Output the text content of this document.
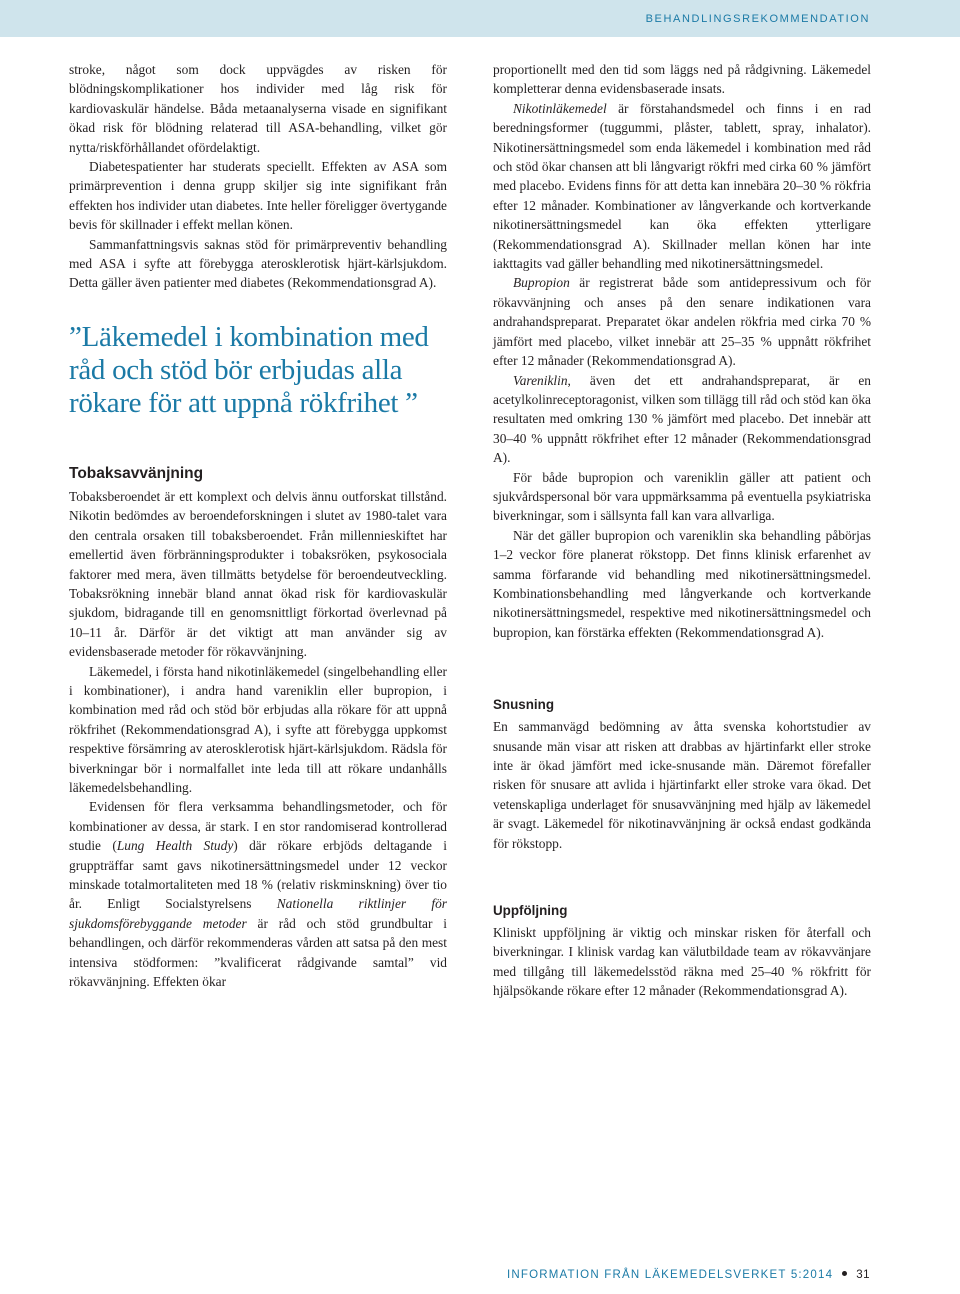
BEHANDLINGSREKOMMENDATION

stroke, något som dock uppvägdes av risken för blödningskomplikationer hos individer med låg risk för kardiovaskulär händelse. Båda metaanalyserna visade en signifikant ökad risk för blödning relaterad till ASA-behandling, vilket gör nytta/riskförhållandet ofördelaktigt.

Diabetespatienter har studerats speciellt. Effekten av ASA som primärprevention i denna grupp skiljer sig inte signifikant från effekten hos individer utan diabetes. Inte heller föreligger övertygande bevis för skillnader i effekt mellan könen.

Sammanfattningsvis saknas stöd för primärpreventiv behandling med ASA i syfte att förebygga aterosklerotisk hjärt-kärlsjukdom. Detta gäller även patienter med diabetes (Rekommendationsgrad A).

”Läkemedel i kombination med råd och stöd bör erbjudas alla rökare för att uppnå rökfrihet ”
Tobaksavvänjning

Tobaksberoendet är ett komplext och delvis ännu outforskat tillstånd. Nikotin bedömdes av beroendeforskningen i slutet av 1980-talet vara den centrala orsaken till tobaksberoendet. Från millennieskiftet har emellertid även förbränningsprodukter i tobaksröken, psykosociala faktorer med mera, även tillmätts betydelse för beroendeutveckling. Tobaksrökning innebär bland annat ökad risk för kardiovaskulär sjukdom, bidragande till en genomsnittligt förkortad överlevnad på 10–11 år. Därför är det viktigt att man använder sig av evidensbaserade metoder för rökavvänjning.

Läkemedel, i första hand nikotinläkemedel (singelbehandling eller i kombinationer), i andra hand vareniklin eller bupropion, i kombination med råd och stöd bör erbjudas alla rökare för att uppnå rökfrihet (Rekommendationsgrad A), i syfte att förebygga uppkomst respektive försämring av aterosklerotisk hjärt-kärlsjukdom. Rädsla för biverkningar bör i normalfallet inte leda till att rökare undanhålls läkemedelsbehandling.

Evidensen för flera verksamma behandlingsmetoder, och för kombinationer av dessa, är stark. I en stor randomiserad kontrollerad studie (Lung Health Study) där rökare erbjöds deltagande i gruppträffar samt gavs nikotinersättningsmedel under 12 veckor minskade totalmortaliteten med 18 % (relativ riskminskning) över tio år. Enligt Socialstyrelsens Nationella riktlinjer för sjukdomsförebyggande metoder är råd och stöd grundbultar i behandlingen, och därför rekommenderas vården att satsa på den mest intensiva stödformen: ”kvalificerat rådgivande samtal” vid rökavvänjning. Effekten ökar

proportionellt med den tid som läggs ned på rådgivning. Läkemedel kompletterar denna evidensbaserade insats.

Nikotinläkemedel är förstahandsmedel och finns i en rad beredningsformer (tuggummi, plåster, tablett, spray, inhalator). Nikotinersättningsmedel som enda läkemedel i kombination med råd och stöd ökar chansen att bli långvarigt rökfri med cirka 60 % jämfört med placebo. Evidens finns för att detta kan innebära 20–30 % rökfria efter 12 månader. Kombinationer av långverkande och kortverkande nikotinersättningsmedel kan öka effekten ytterligare (Rekommendationsgrad A). Skillnader mellan könen har inte iakttagits vad gäller behandling med nikotinersättningsmedel.

Bupropion är registrerat både som antidepressivum och för rökavvänjning och anses på den senare indikationen vara andrahandspreparat. Preparatet ökar andelen rökfria med cirka 70 % jämfört med placebo, vilket innebär att 25–35 % uppnått rökfrihet efter 12 månader (Rekommendationsgrad A).

Vareniklin, även det ett andrahandspreparat, är en acetylkolinreceptoragonist, vilken som tillägg till råd och stöd kan öka resultaten med omkring 130 % jämfört med placebo. Det innebär att 30–40 % uppnått rökfrihet efter 12 månader (Rekommendationsgrad A).

För både bupropion och vareniklin gäller att patient och sjukvårdspersonal bör vara uppmärksamma på eventuella psykiatriska biverkningar, som i sällsynta fall kan vara allvarliga.

När det gäller bupropion och vareniklin ska behandling påbörjas 1–2 veckor före planerat rökstopp. Det finns klinisk erfarenhet av samma förfarande vid behandling med nikotinersättningsmedel. Kombinationsbehandling med långverkande och kortverkande nikotinersättningsmedel, respektive med nikotinersättningsmedel och bupropion, kan förstärka effekten (Rekommendationsgrad A).

Snusning

En sammanvägd bedömning av åtta svenska kohortstudier av snusande män visar att risken att drabbas av hjärtinfarkt eller stroke inte är ökad jämfört med icke-snusande män. Däremot förefaller risken för snusare att avlida i hjärtinfarkt eller stroke vara ökad. Det vetenskapliga underlaget för snusavvänjning med hjälp av läkemedel är svagt. Läkemedel för nikotinavvänjning är också endast godkända för rökstopp.

Uppföljning

Kliniskt uppföljning är viktig och minskar risken för återfall och biverkningar. I klinisk vardag kan välutbildade team av rökavvänjare med tillgång till läkemedelsstöd räkna med 25–40 % rökfritt för hjälpsökande rökare efter 12 månader (Rekommendationsgrad A).

INFORMATION FRÅN LÄKEMEDELSVERKET 5:2014 31
